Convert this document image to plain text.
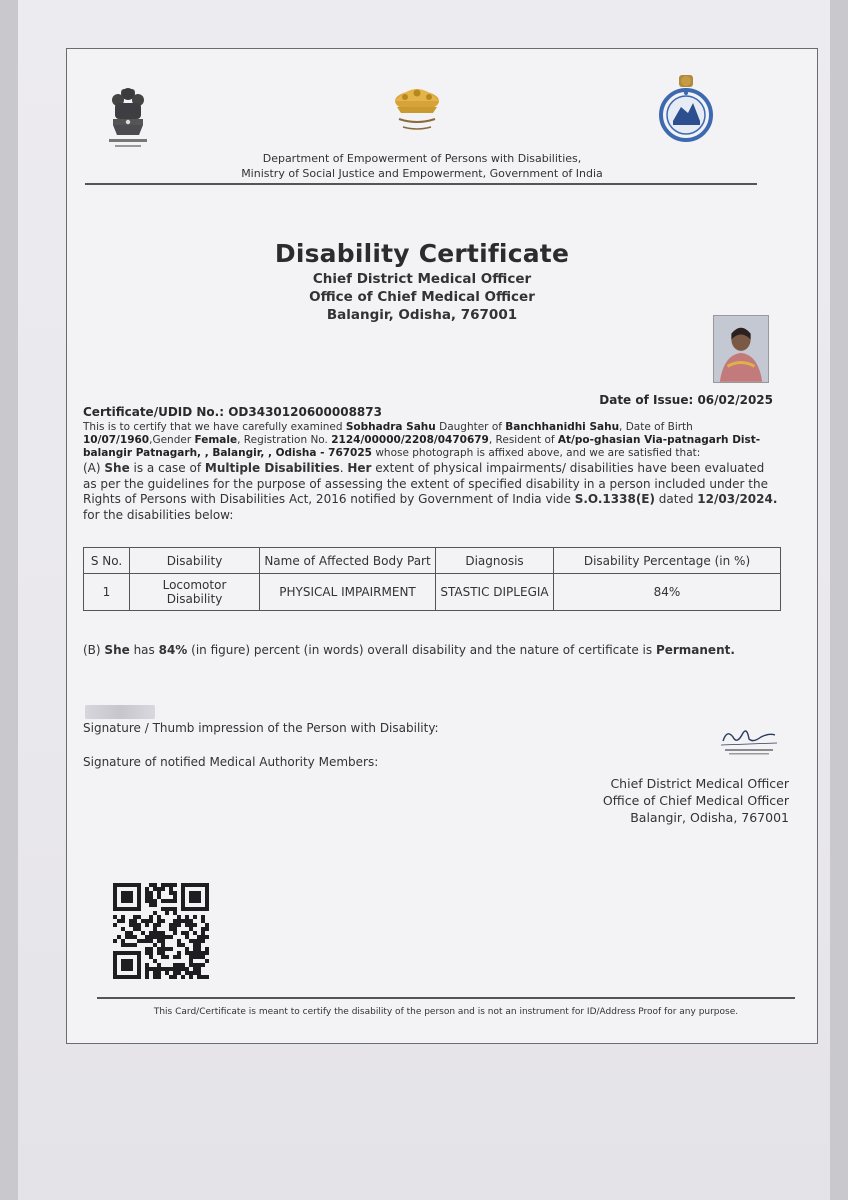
Department of Empowerment of Persons with Disabilities,
Ministry of Social Justice and Empowerment, Government of India
Disability Certificate
Chief District Medical Officer
Office of Chief Medical Officer
Balangir, Odisha, 767001
Date of Issue: 06/02/2025
Certificate/UDID No.: OD3430120600008873
This is to certify that we have carefully examined Sobhadra Sahu Daughter of Banchhanidhi Sahu, Date of Birth 10/07/1960,Gender Female, Registration No. 2124/00000/2208/0470679, Resident of At/po-ghasian Via-patnagarh Dist-balangir Patnagarh, , Balangir, , Odisha - 767025 whose photograph is affixed above, and we are satisfied that:
(A) She is a case of Multiple Disabilities. Her extent of physical impairments/ disabilities have been evaluated as per the guidelines for the purpose of assessing the extent of specified disability in a person included under the Rights of Persons with Disabilities Act, 2016 notified by Government of India vide S.O.1338(E) dated 12/03/2024. for the disabilities below:
S No.	Disability	Name of Affected Body Part	Diagnosis	Disability Percentage (in %)
1	Locomotor Disability	PHYSICAL IMPAIRMENT	STASTIC DIPLEGIA	84%
(B) She has 84% (in figure) percent (in words) overall disability and the nature of certificate is Permanent.
Signature / Thumb impression of the Person with Disability:
Signature of notified Medical Authority Members:
Chief District Medical Officer
Office of Chief Medical Officer
Balangir, Odisha, 767001
This Card/Certificate is meant to certify the disability of the person and is not an instrument for ID/Address Proof for any purpose.
